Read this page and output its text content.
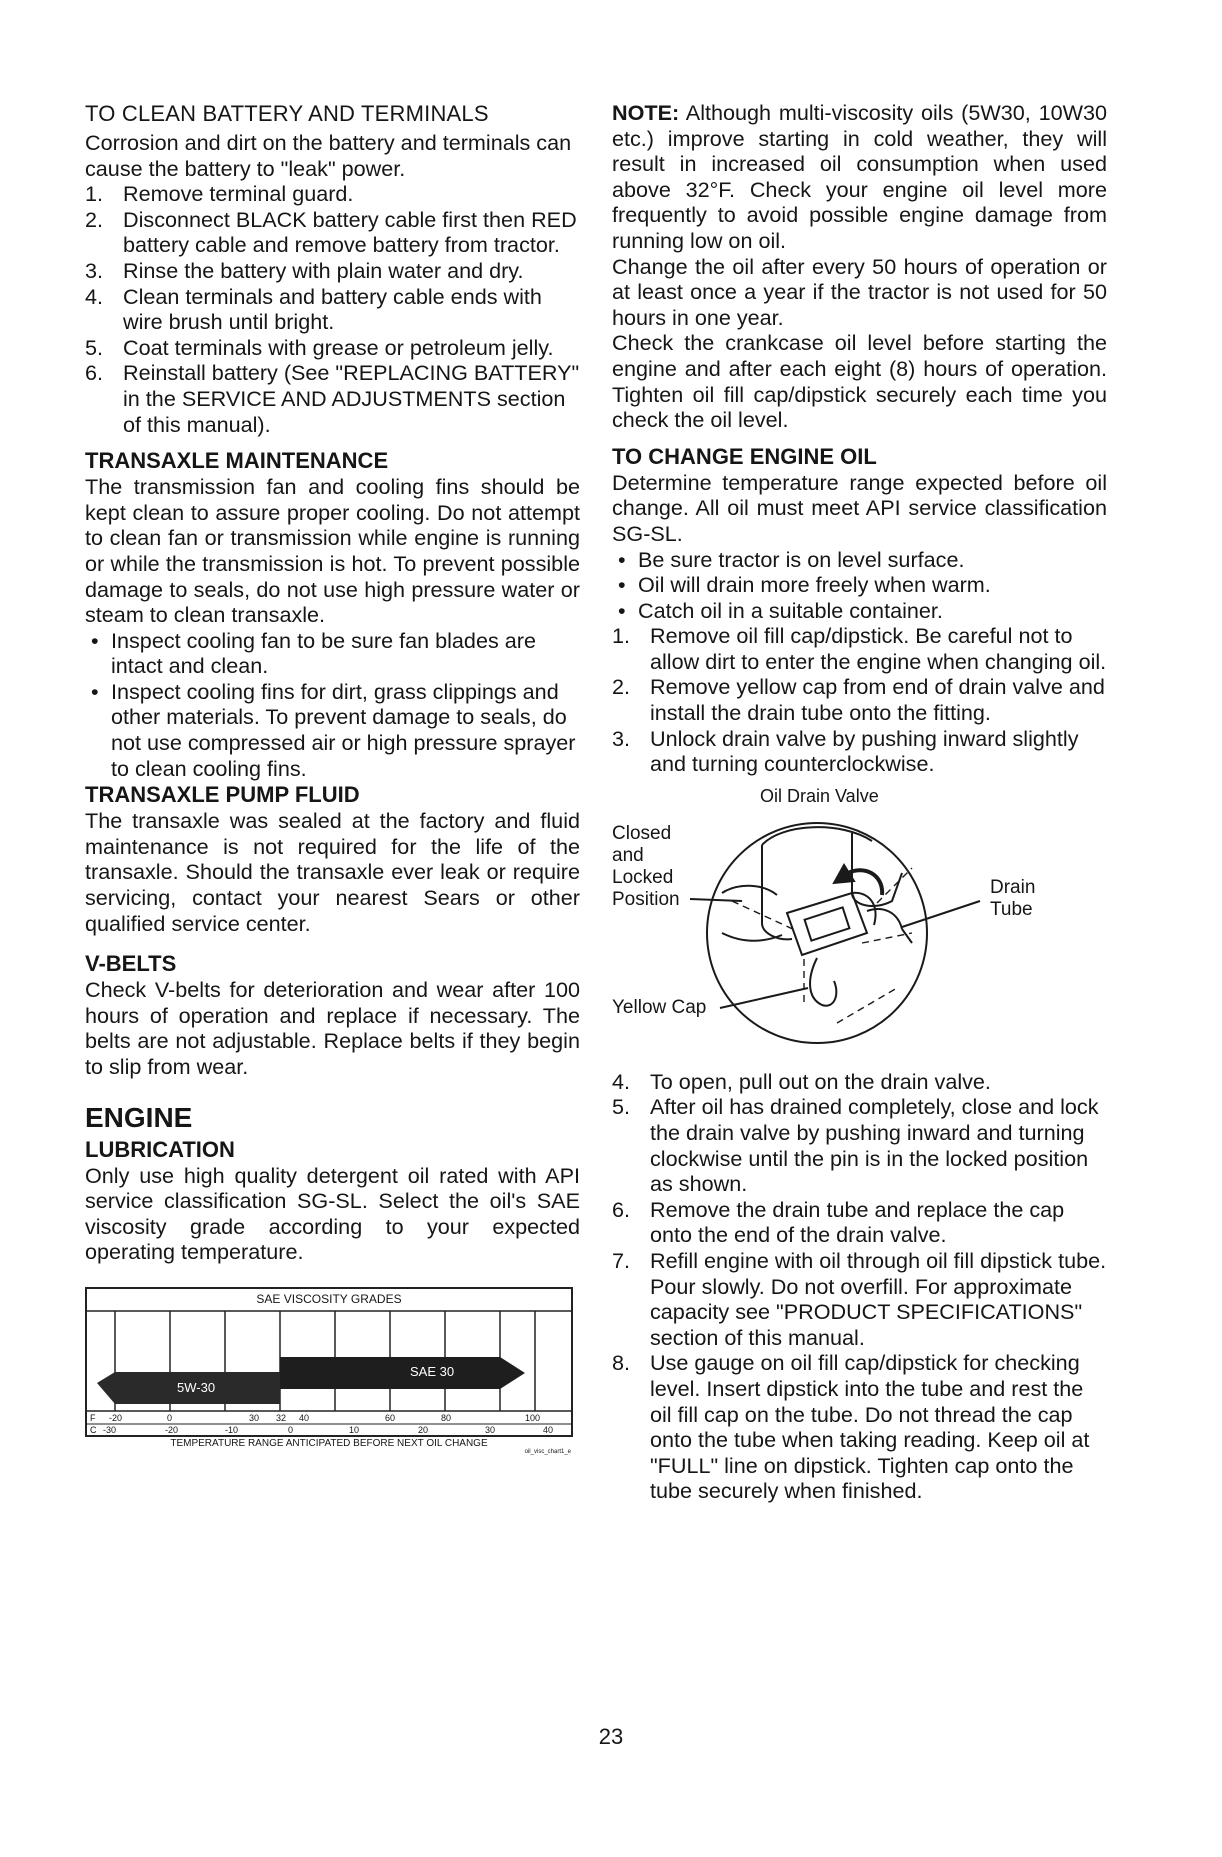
TO CLEAN BATTERY AND TERMINALS

Corrosion and dirt on the battery and terminals can cause the battery to "leak" power.

1. Remove terminal guard.
2. Disconnect BLACK battery cable first then RED battery cable and remove battery from tractor.
3. Rinse the battery with plain water and dry.
4. Clean terminals and battery cable ends with wire brush until bright.
5. Coat terminals with grease or petroleum jelly.
6. Reinstall battery (See "REPLACING BATTERY" in the SERVICE AND ADJUSTMENTS section of this manual).
TRANSAXLE MAINTENANCE

The transmission fan and cooling fins should be kept clean to assure proper cooling. Do not attempt to clean fan or transmission while engine is running or while the transmission is hot. To prevent possible damage to seals, do not use high pressure water or steam to clean transaxle.

• Inspect cooling fan to be sure fan blades are intact and clean.
• Inspect cooling fins for dirt, grass clippings and other materials. To prevent damage to seals, do not use compressed air or high pressure sprayer to clean cooling fins.
TRANSAXLE PUMP FLUID

The transaxle was sealed at the factory and fluid maintenance is not required for the life of the transaxle. Should the transaxle ever leak or require servicing, contact your nearest Sears or other qualified service center.

V-BELTS

Check V-belts for deterioration and wear after 100 hours of operation and replace if necessary. The belts are not adjustable. Replace belts if they begin to slip from wear.

ENGINE
LUBRICATION

Only use high quality detergent oil rated with API service classification SG-SL. Select the oil's SAE viscosity grade according to your expected operating temperature.

SAE VISCOSITY GRADES
SAE 30
5W-30
F -20	0	30 32 40	60	80	100
C -30	-20	-10	0	10	20	30	40
TEMPERATURE RANGE ANTICIPATED BEFORE NEXT OIL CHANGE
oil_visc_chart1_e

NOTE: Although multi-viscosity oils (5W30, 10W30 etc.) improve starting in cold weather, they will result in increased oil consumption when used above 32°F. Check your engine oil level more frequently to avoid possible engine damage from running low on oil.

Change the oil after every 50 hours of operation or at least once a year if the tractor is not used for 50 hours in one year.

Check the crankcase oil level before starting the engine and after each eight (8) hours of operation. Tighten oil fill cap/dipstick securely each time you check the oil level.

TO CHANGE ENGINE OIL

Determine temperature range expected before oil change. All oil must meet API service classification SG-SL.

• Be sure tractor is on level surface.
• Oil will drain more freely when warm.
• Catch oil in a suitable container.
1. Remove oil fill cap/dipstick. Be careful not to allow dirt to enter the engine when changing oil.
2. Remove yellow cap from end of drain valve and install the drain tube onto the fitting.
3. Unlock drain valve by pushing inward slightly and turning counterclockwise.
Oil Drain Valve
Closed
and
Locked
Position
Drain
Tube
Yellow Cap
4. To open, pull out on the drain valve.
5. After oil has drained completely, close and lock the drain valve by pushing inward and turning clockwise until the pin is in the locked position as shown.
6. Remove the drain tube and replace the cap onto the end of the drain valve.
7. Refill engine with oil through oil fill dipstick tube. Pour slowly. Do not overfill. For approximate capacity see "PRODUCT SPECIFICATIONS" section of this manual.
8. Use gauge on oil fill cap/dipstick for checking level. Insert dipstick into the tube and rest the oil fill cap on the tube. Do not thread the cap onto the tube when taking reading. Keep oil at "FULL" line on dipstick. Tighten cap onto the tube securely when finished.
23
